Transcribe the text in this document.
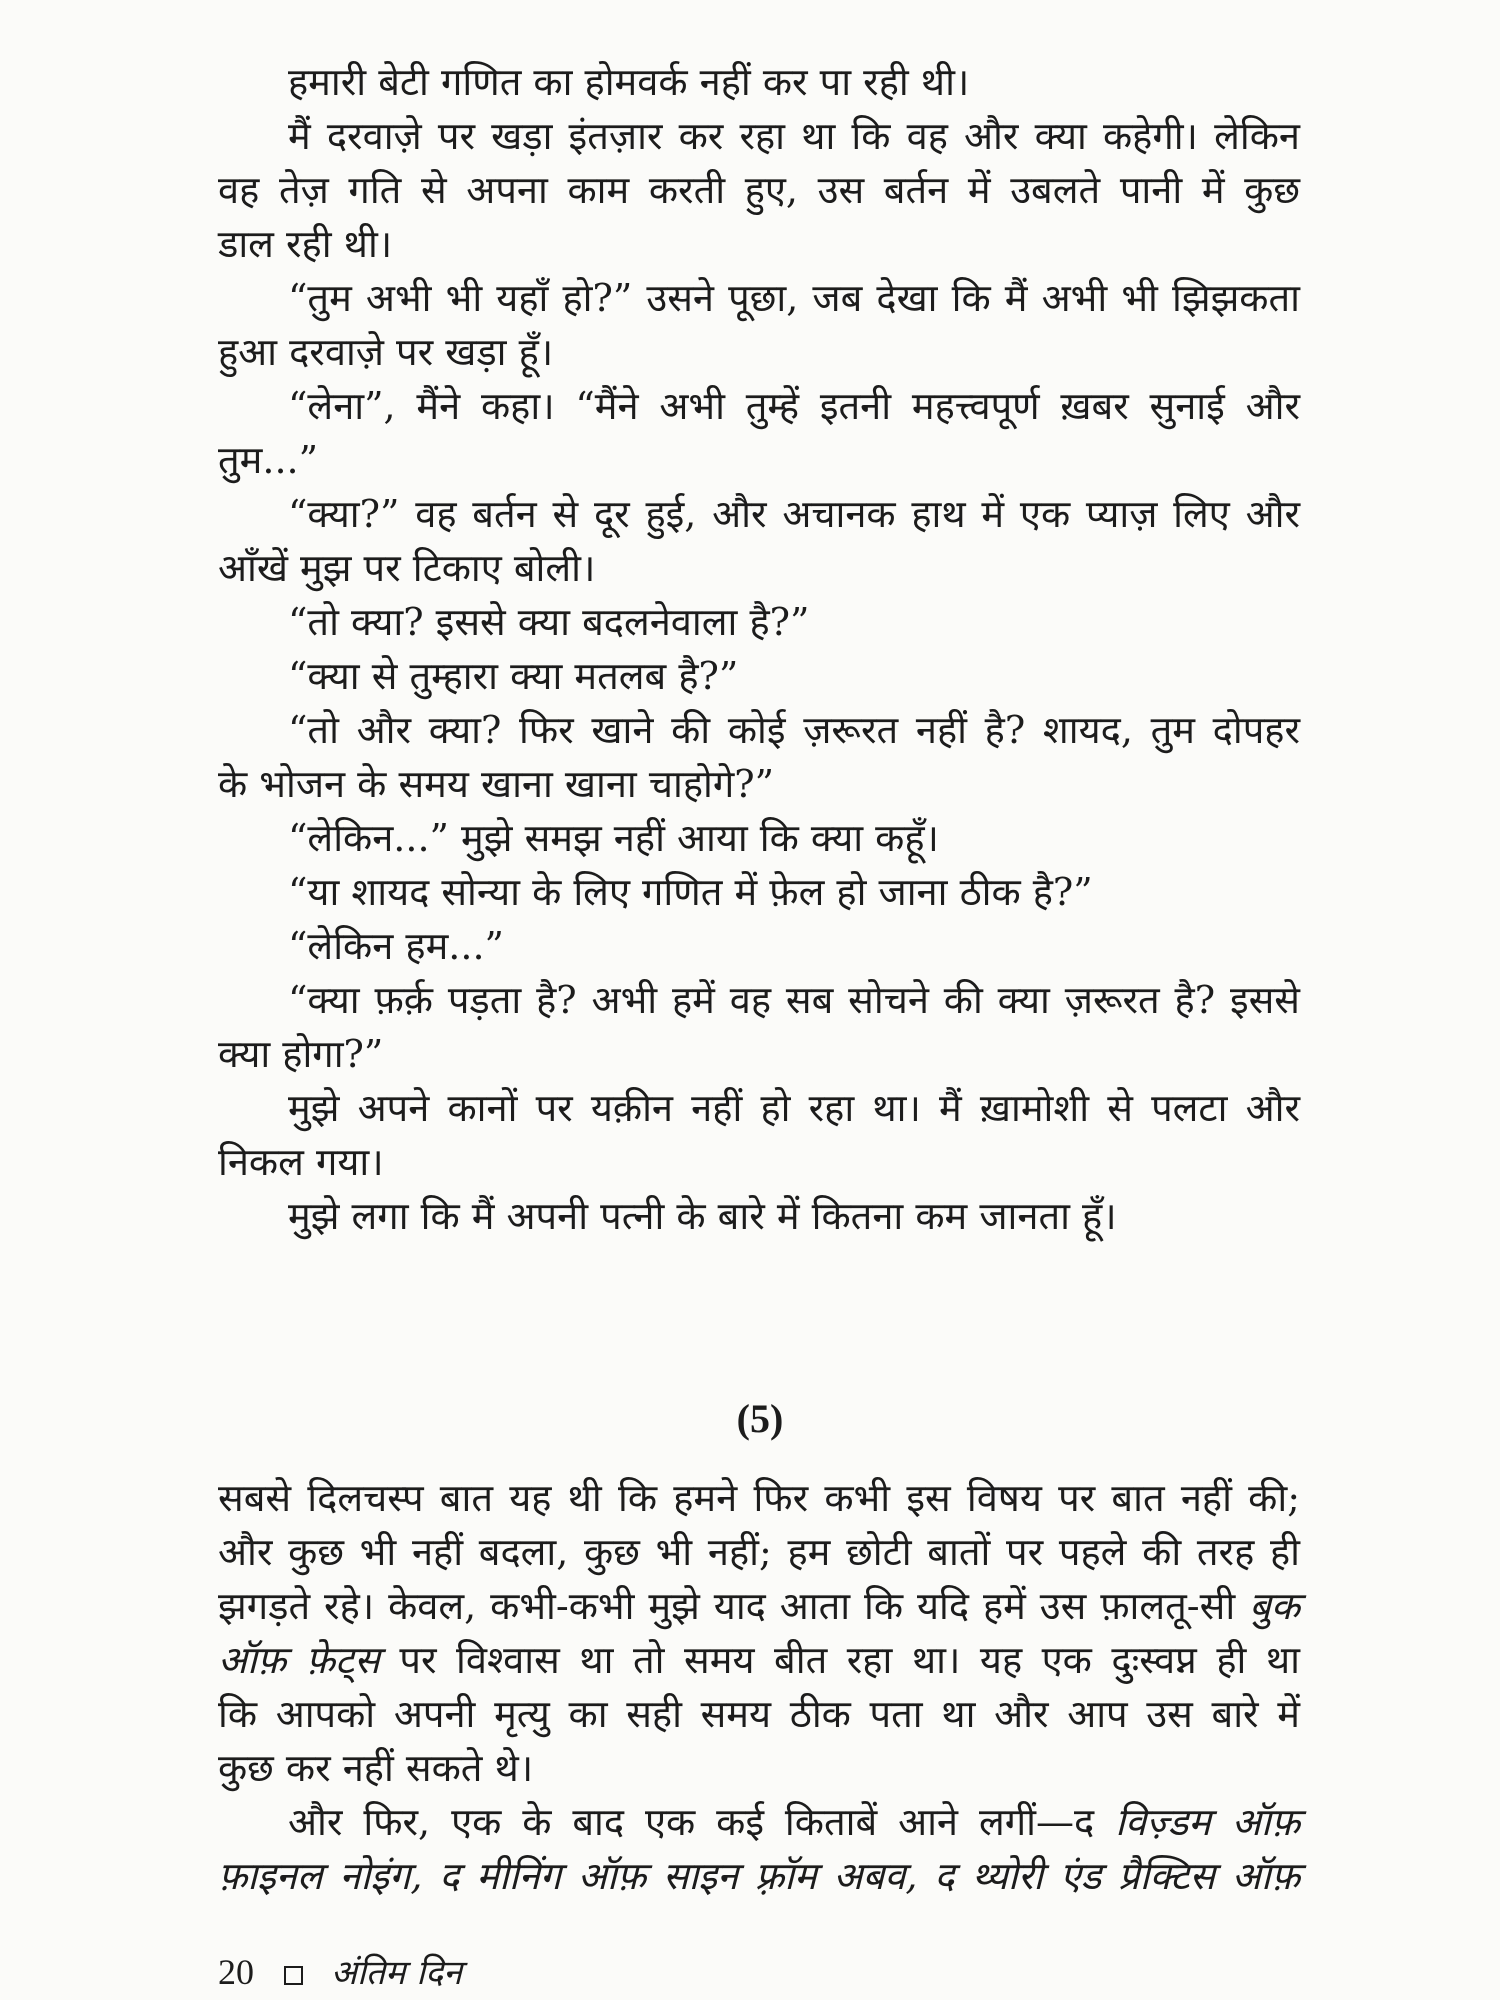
हमारी बेटी गणित का होमवर्क नहीं कर पा रही थी।

मैं दरवाज़े पर खड़ा इंतज़ार कर रहा था कि वह और क्या कहेगी। लेकिन

वह तेज़ गति से अपना काम करती हुए, उस बर्तन में उबलते पानी में कुछ

डाल रही थी।

“तुम अभी भी यहाँ हो?” उसने पूछा, जब देखा कि मैं अभी भी झिझकता

हुआ दरवाज़े पर खड़ा हूँ।

“लेना”, मैंने कहा। “मैंने अभी तुम्हें इतनी महत्त्वपूर्ण ख़बर सुनाई और

तुम...”

“क्या?” वह बर्तन से दूर हुई, और अचानक हाथ में एक प्याज़ लिए और

आँखें मुझ पर टिकाए बोली।

“तो क्या? इससे क्या बदलनेवाला है?”

“क्या से तुम्हारा क्या मतलब है?”

“तो और क्या? फिर खाने की कोई ज़रूरत नहीं है? शायद, तुम दोपहर

के भोजन के समय खाना खाना चाहोगे?”

“लेकिन...” मुझे समझ नहीं आया कि क्या कहूँ।

“या शायद सोन्या के लिए गणित में फ़ेल हो जाना ठीक है?”

“लेकिन हम...”

“क्या फ़र्क़ पड़ता है? अभी हमें वह सब सोचने की क्या ज़रूरत है? इससे

क्या होगा?”

मुझे अपने कानों पर यक़ीन नहीं हो रहा था। मैं ख़ामोशी से पलटा और

निकल गया।

मुझे लगा कि मैं अपनी पत्नी के बारे में कितना कम जानता हूँ।

(5)

सबसे दिलचस्प बात यह थी कि हमने फिर कभी इस विषय पर बात नहीं की;

और कुछ भी नहीं बदला, कुछ भी नहीं; हम छोटी बातों पर पहले की तरह ही

झगड़ते रहे। केवल, कभी-कभी मुझे याद आता कि यदि हमें उस फ़ालतू-सी बुक

ऑफ़ फ़ेट्स पर विश्वास था तो समय बीत रहा था। यह एक दुःस्वप्न ही था

कि आपको अपनी मृत्यु का सही समय ठीक पता था और आप उस बारे में

कुछ कर नहीं सकते थे।

और फिर, एक के बाद एक कई किताबें आने लगीं—द विज़्डम ऑफ़

फ़ाइनल नोइंग, द मीनिंग ऑफ़ साइन फ़्रॉम अबव, द थ्योरी एंड प्रैक्टिस ऑफ़

20 अंतिम दिन
